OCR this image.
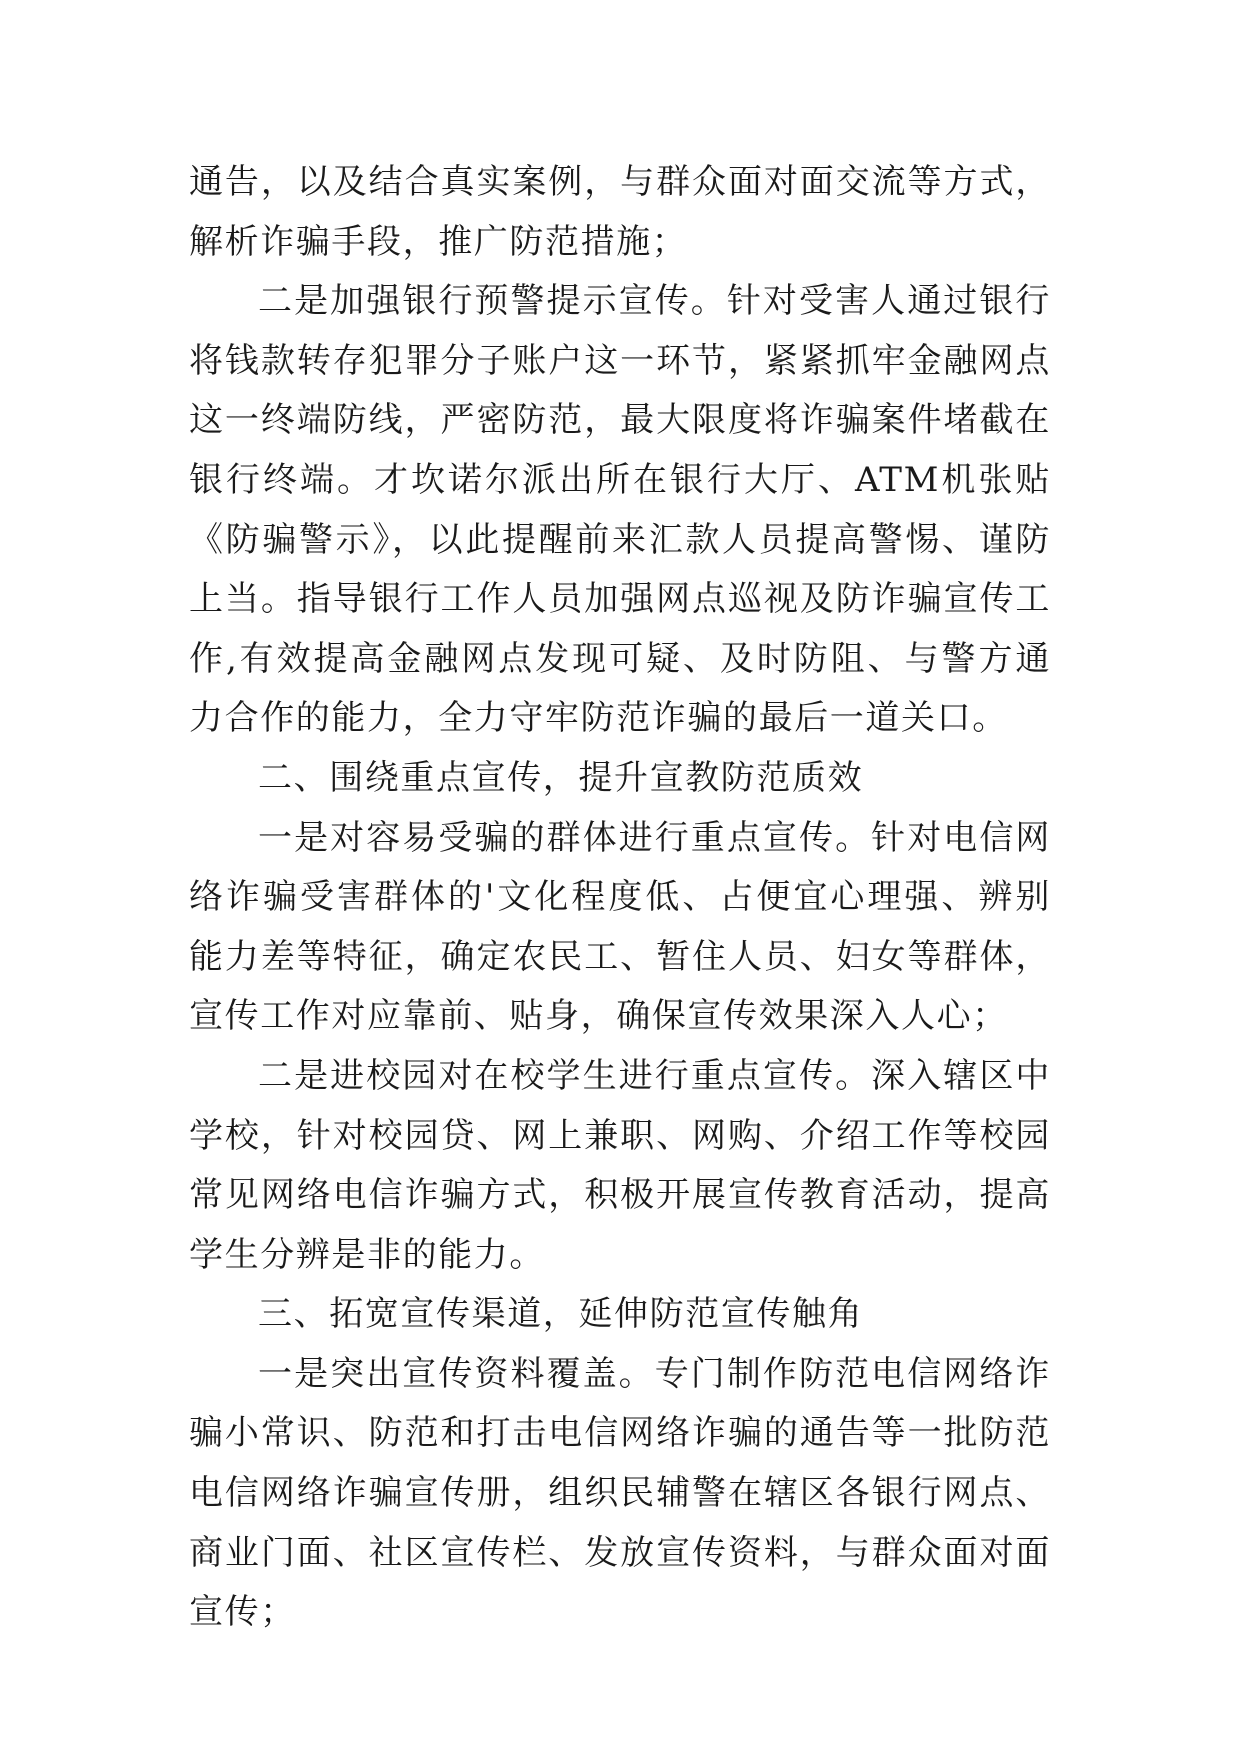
通告，以及结合真实案例，与群众面对面交流等方式，解析诈骗手段，推广防范措施；

二是加强银行预警提示宣传。针对受害人通过银行将钱款转存犯罪分子账户这一环节，紧紧抓牢金融网点这一终端防线，严密防范，最大限度将诈骗案件堵截在银行终端。才坎诺尔派出所在银行大厅、ATM机张贴《防骗警示》，以此提醒前来汇款人员提高警惕、谨防上当。指导银行工作人员加强网点巡视及防诈骗宣传工作,有效提高金融网点发现可疑、及时防阻、与警方通力合作的能力，全力守牢防范诈骗的最后一道关口。

二、围绕重点宣传，提升宣教防范质效

一是对容易受骗的群体进行重点宣传。针对电信网络诈骗受害群体的'文化程度低、占便宜心理强、辨别能力差等特征，确定农民工、暂住人员、妇女等群体，宣传工作对应靠前、贴身，确保宣传效果深入人心；

二是进校园对在校学生进行重点宣传。深入辖区中学校，针对校园贷、网上兼职、网购、介绍工作等校园常见网络电信诈骗方式，积极开展宣传教育活动，提高学生分辨是非的能力。

三、拓宽宣传渠道，延伸防范宣传触角

一是突出宣传资料覆盖。专门制作防范电信网络诈骗小常识、防范和打击电信网络诈骗的通告等一批防范电信网络诈骗宣传册，组织民辅警在辖区各银行网点、商业门面、社区宣传栏、发放宣传资料，与群众面对面宣传；
